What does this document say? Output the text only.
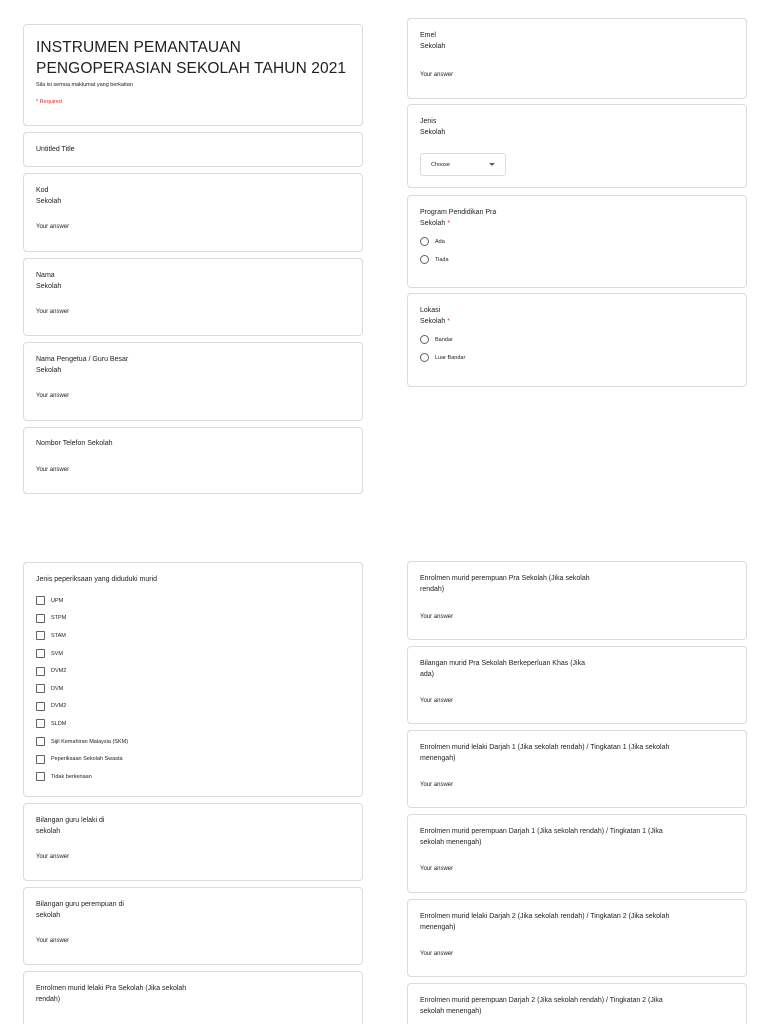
INSTRUMEN PEMANTAUAN PENGOPERASIAN SEKOLAH TAHUN 2021
Sila isi semua maklumat yang berkaitan
* Required
Untitled Title
Kod
Sekolah
Your answer
Nama
Sekolah
Your answer
Nama Pengetua / Guru Besar
Sekolah
Your answer
Nombor Telefon Sekolah
Your answer
Emel
Sekolah
Your answer
Jenis
Sekolah
Choose
Program Pendidikan Pra
Sekolah *
Ada
Tiada
Lokasi
Sekolah *
Bandar
Luar Bandar
Jenis peperiksaan yang diduduki murid
UPM
STPM
STAM
SVM
DVM2
DVM
DVM2
SLDM
Sijil Kemahiran Malaysia (SKM)
Peperiksaan Sekolah Swasta
Tidak berkenaan
Bilangan guru lelaki di
sekolah
Your answer
Bilangan guru perempuan di
sekolah
Your answer
Enrolmen murid lelaki Pra Sekolah (Jika sekolah
rendah)
Enrolmen murid perempuan Pra Sekolah (Jika sekolah
rendah)
Your answer
Bilangan murid Pra Sekolah Berkeperluan Khas (Jika
ada)
Your answer
Enrolmen murid lelaki Darjah 1 (Jika sekolah rendah) / Tingkatan 1 (Jika sekolah
menengah)
Your answer
Enrolmen murid perempuan Darjah 1 (Jika sekolah rendah) / Tingkatan 1 (Jika
sekolah menengah)
Your answer
Enrolmen murid lelaki Darjah 2 (Jika sekolah rendah) / Tingkatan 2 (Jika sekolah
menengah)
Your answer
Enrolmen murid perempuan Darjah 2 (Jika sekolah rendah) / Tingkatan 2 (Jika
sekolah menengah)
